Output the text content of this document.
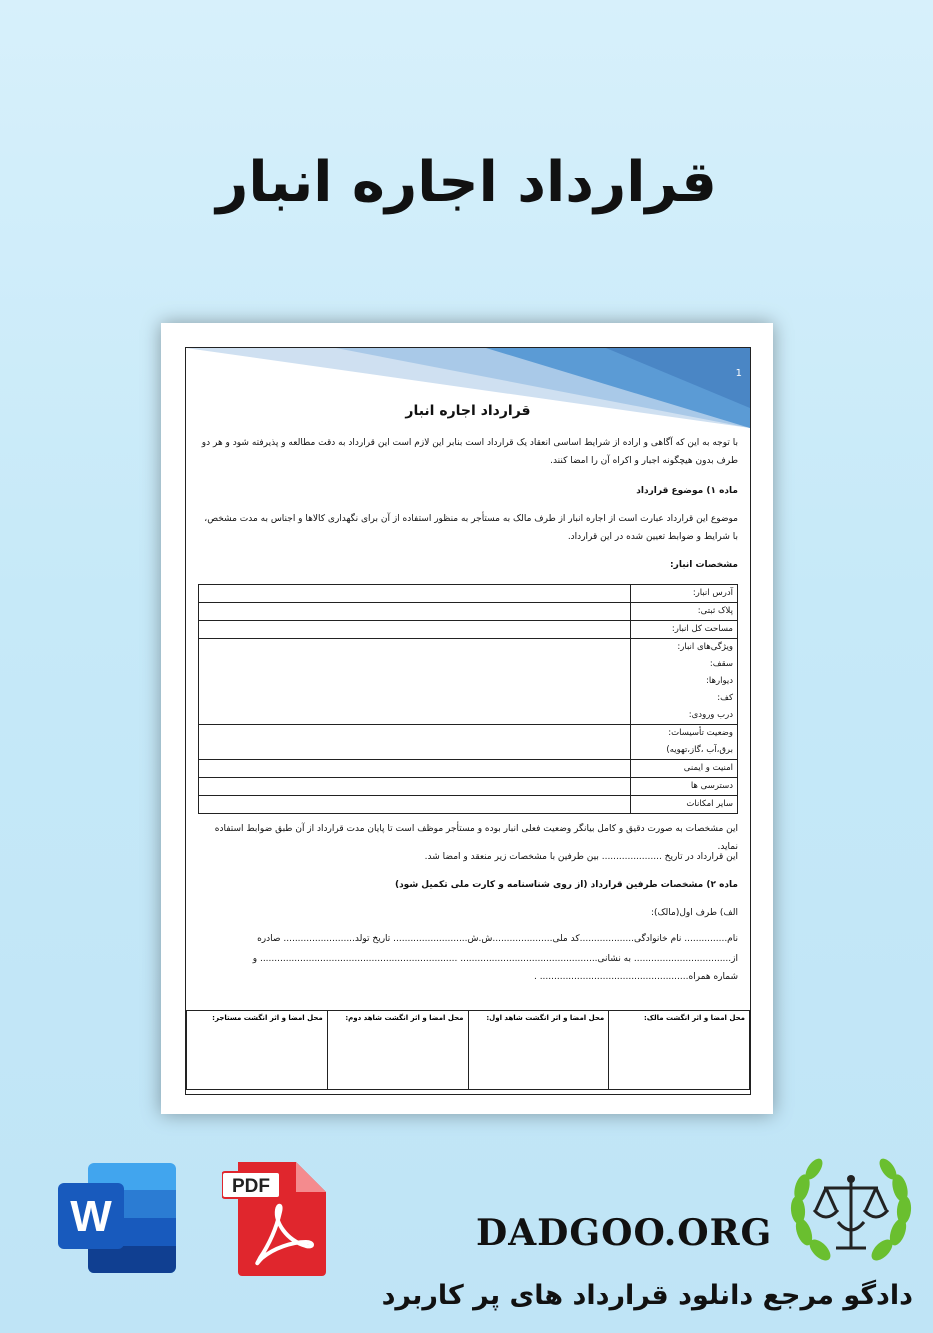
قرارداد اجاره انبار
1
قرارداد اجاره انبار
با توجه به این که آگاهی و اراده از شرایط اساسی انعقاد یک قرارداد است بنابر این لازم است این قرارداد به دقت مطالعه و پذیرفته شود و هر دو طرف بدون هیچگونه اجبار و اکراه آن را امضا کنند.
ماده ۱) موضوع قرارداد
موضوع این قرارداد عبارت است از اجاره انبار از طرف مالک به مستأجر به منظور استفاده از آن برای نگهداری کالاها و اجناس به مدت مشخص، با شرایط و ضوابط تعیین شده در این قرارداد.
مشخصات انبار:
آدرس انبار:	

پلاک ثبتی:	

مساحت کل انبار:	

ویژگی‌های انبار:
سقف:
دیوارها:
کف:
درب ورودی:	

وضعیت تأسیسات:
برق،آب ،گاز،تهویه)	

امنیت و ایمنی	

دسترسی ها	

سایر امکانات	

این مشخصات به صورت دقیق و کامل بیانگر وضعیت فعلی انبار بوده و مستأجر موظف است تا پایان مدت قرارداد از آن طبق ضوابط استفاده نماید.
این قرارداد در تاریخ ..................... بین طرفین با مشخصات زیر منعقد و امضا شد.
ماده ۲) مشخصات طرفین قرارداد (از روی شناسنامه و کارت ملی تکمیل شود)
الف) طرف اول(مالک):
نام............... نام خانوادگی...................کد ملی.....................ش.ش.......................... تاریخ تولد......................... صادره
از.................................. به نشانی................................................ ..................................................................... و
شماره همراه.................................................... .
محل امضا و اثر انگشت مالک:	محل امضا و اثر انگشت شاهد اول:	محل امضا و اثر انگشت شاهد دوم:	محل امضا و اثر انگشت مستاجر:
W
PDF
DADGOO.ORG
دادگو مرجع دانلود قرارداد های پر کاربرد
